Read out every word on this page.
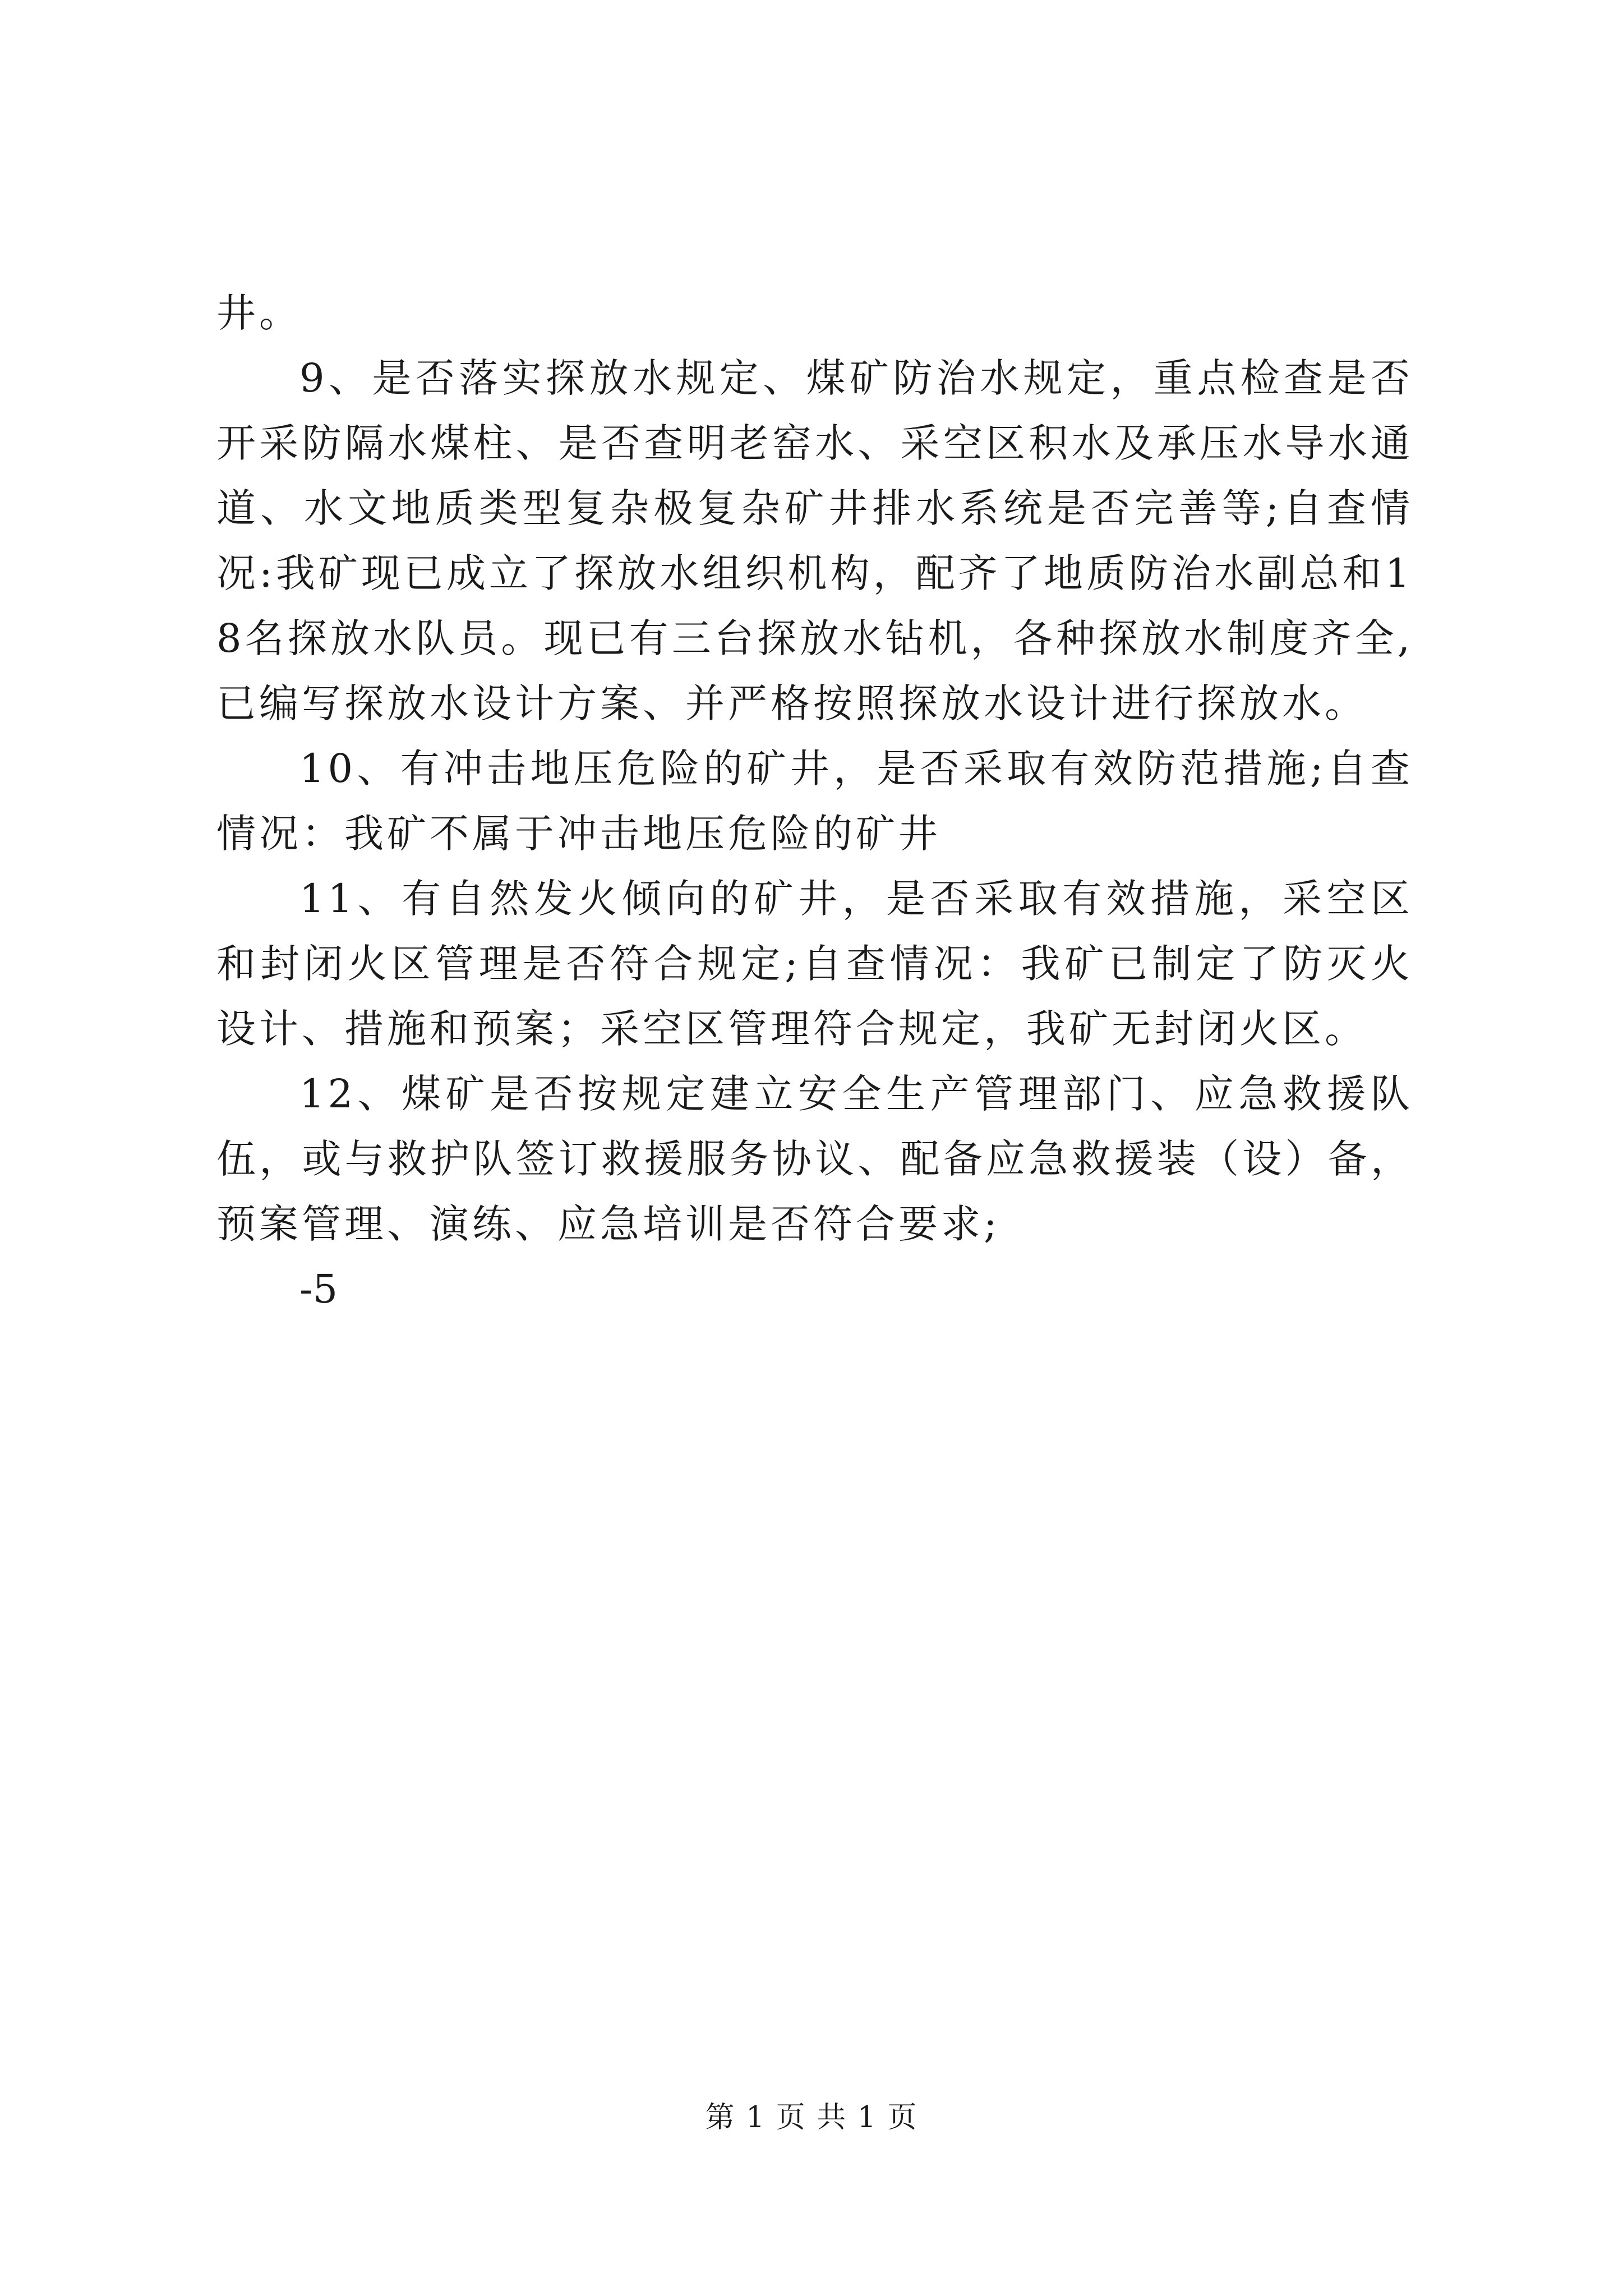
井。

9、是否落实探放水规定、煤矿防治水规定，重点检查是否开采防隔水煤柱、是否查明老窑水、采空区积水及承压水导水通道、水文地质类型复杂极复杂矿井排水系统是否完善等;自查情况:我矿现已成立了探放水组织机构，配齐了地质防治水副总和18名探放水队员。现已有三台探放水钻机，各种探放水制度齐全,已编写探放水设计方案、并严格按照探放水设计进行探放水。

10、有冲击地压危险的矿井，是否采取有效防范措施;自查情况：我矿不属于冲击地压危险的矿井

11、有自然发火倾向的矿井，是否采取有效措施，采空区和封闭火区管理是否符合规定;自查情况：我矿已制定了防灭火设计、措施和预案；采空区管理符合规定，我矿无封闭火区。

12、煤矿是否按规定建立安全生产管理部门、应急救援队伍，或与救护队签订救援服务协议、配备应急救援装（设）备，预案管理、演练、应急培训是否符合要求;

-5

第 1 页 共 1 页
